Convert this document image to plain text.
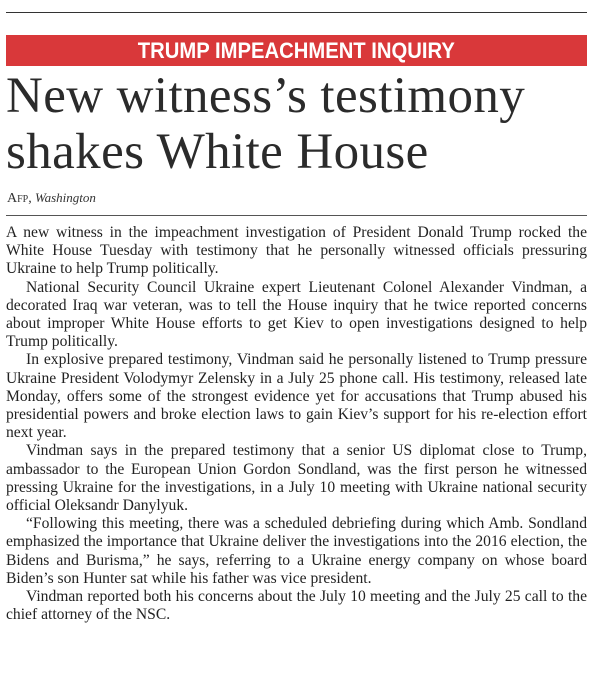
TRUMP IMPEACHMENT INQUIRY
New witness’s testimony shakes White House
Afp, Washington

A new witness in the impeachment investigation of President Donald Trump rocked the White House Tuesday with testimony that he personally witnessed officials pressuring Ukraine to help Trump politically.

National Security Council Ukraine expert Lieutenant Colonel Alexander Vindman, a decorated Iraq war veteran, was to tell the House inquiry that he twice reported concerns about improper White House efforts to get Kiev to open investigations designed to help Trump politically.

In explosive prepared testimony, Vindman said he personally listened to Trump pressure Ukraine President Volodymyr Zelensky in a July 25 phone call. His testimony, released late Monday, offers some of the strongest evidence yet for accusations that Trump abused his presidential powers and broke election laws to gain Kiev’s support for his re-election effort next year.

Vindman says in the prepared testimony that a senior US diplomat close to Trump, ambassador to the European Union Gordon Sondland, was the first person he witnessed pressing Ukraine for the investigations, in a July 10 meeting with Ukraine national security official Oleksandr Danylyuk.

“Following this meeting, there was a scheduled debriefing during which Amb. Sondland emphasized the importance that Ukraine deliver the investigations into the 2016 election, the Bidens and Burisma,” he says, referring to a Ukraine energy company on whose board Biden’s son Hunter sat while his father was vice president.

Vindman reported both his concerns about the July 10 meeting and the July 25 call to the chief attorney of the NSC.
